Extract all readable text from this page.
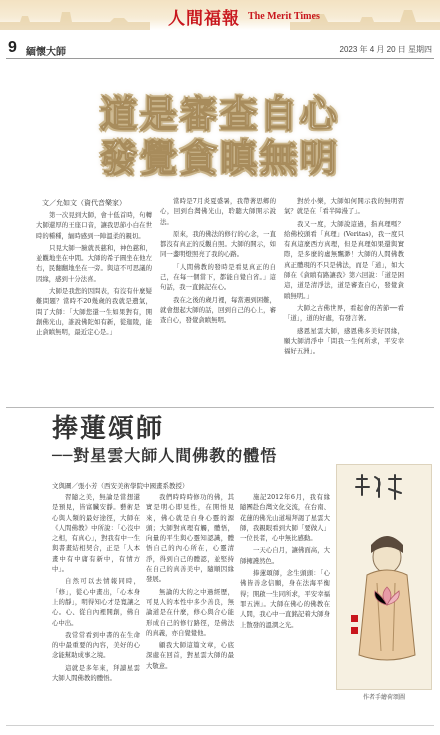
人間福報 The Merit Times
9 緬懷大師	2023 年 4 月 20 日 星期四
道是審查自心
發覺貪瞋無明
文／允如文（資代音樂家）

第一次見到大師，會十低首時，句轉大師還厚的王座口音，讓我思節小白在世時的種種，緬時感到一陣溫柔的親切。

只見大師一臉就長慈和，神色慈和，並觀地坐在中間。大師的希子圓坐在他左右，民翻翻地坐在一旁。與這不可思議的因緣，感到十分法喜。

大師是我您的因問表，有沒有什麼疑難問題？當時不20幾歲的我就是遺氣，問了大師：「大師您還一生如果對有，開創佛光山，誰說佛陀如有新，從迦陵，能止貪瞋無明，最近定心是。」

當時是7月炎夏盛暑，我帶著思鄉的心，回到台灣佛光山，聆聽大師開示說法。

原來，我的佛法的修行的心念，一直都沒有真正的反觀自照。大師的開示，如同一盞明燈照亮了我的心路。

「人間佛教的發時是看見真正的自己，在每一個當下，都能自覺自省。」這句話，我一直銘記在心。

我在之後的歲月裡，每當遇到困難，就會想起大師的話，回到自己的心上，審查自心，發覺貪瞋無明。

對於小樂，大師如何開示我的無明習氣？就是在「看半障漫了」。

我又一度，大師說這過，指真理嗎？給佛校頭看「真理」(Veritas)，我一度只有真這麼西方真理，但是真理如果還與實際，是多麼的虛無飄渺！大師的人間佛教真正體現的不只是佛法，而是「道」，如大師在《貪瞋有路讓我》第六回說：「道是困這，道是清淨法，道是審查自心，發覺貪瞋無明。」

大師之古佛世界，看起會的苦節──看「道」，道的好處，有發言著。

感恩星雲大師，感恩佛多美好因緣，願大師清淨中「問我一生何所求，平安幸福好五洲」。

捧蓮頌師
──對星雲大師人間佛教的體悟
文與圖／張小芳（西安美術學院中國畫系教授）

習隨之美，無論是當想還是預見，皆富臟安靜。藝術是心與人類的最好途徑，大師在《人間佛教》中所說：「心沒中之相，有真心」，對我有中一生與書畫結相契合，正是「人本畫中有中庸有新中，有情方中」。

自然可以去情報同時，「修」，從心中畫出，「心本身上的靜」，明得知心才是寬讓之心。心、從自內裡開創，佛自心中出。

我常常看到中書的在生命的中最重要的內容，美好的心念能幫助成事之境。

這就是多年來，拜讀星雲大師人間佛教的體悟。

我們時時時修功的佛，其實是明心即見性，在開悟見來，佛心就是自身心靈的源頭；大師對真理有觸，體悟，向量的平生與心靈知認識，體悟自己的內心所在，心靈清淨，得到自己的體認，並堅持在自己的真善美中，隨順因緣發展。

無論的大的之中過經歷，可見人的本性中多少善良，無論道是在什麼，修心與合心能形成自己的修行路徑，是佛法的真義，亦自覺覺他。

顧我大師這篇文章，心底深處在回首，對星雲大師的最大敬意。

施記2012年6月，我有緣隨團赴台灣文化交流，在台南、花蓮的佛光山道場拜謁了星雲大師，我親眼看到大師「要做人」一位長者，心中無比感動。

一天心自月，讓佛面高，大師擁護然色。

捧蓮頌師，念生頭頭：「心佛皆善念信願，身在法海平衡得；開啟一生同所求，平安幸福罪五洲」。大師在佛心的佛教在人間，我心中一直銘記着大師身上散發的溫潤之光。

作者手繪荷頌圖
